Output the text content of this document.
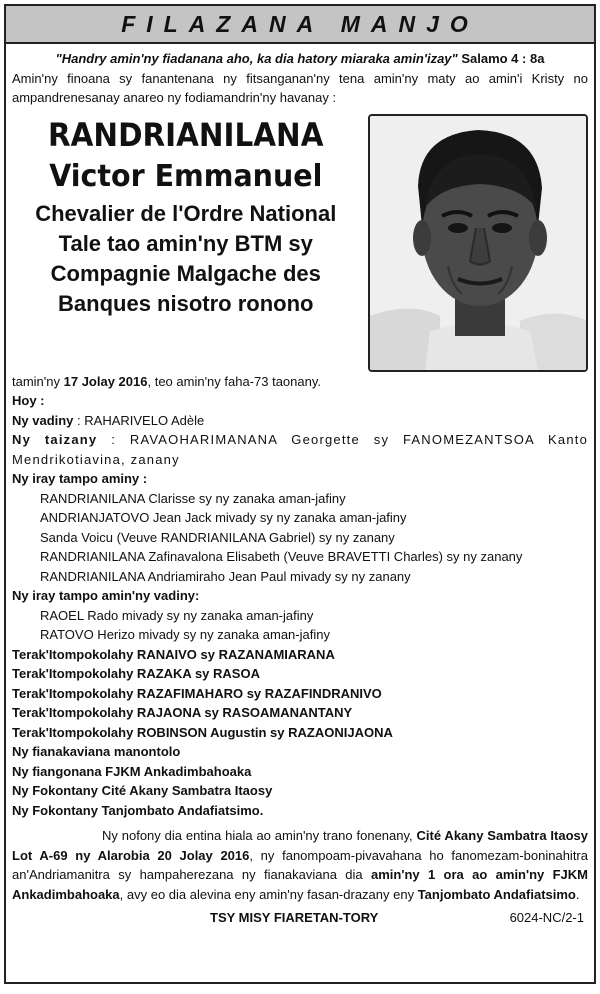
FILAZANA MANJO
"Handry amin'ny fiadanana aho, ka dia hatory miaraka amin'izay" Salamo 4 : 8a
Amin'ny finoana sy fanantenana ny fitsanganan'ny tena amin'ny maty ao amin'i Kristy no ampandrenesanay anareo ny fodiamandrin'ny havanay :
RANDRIANILANA
Victor Emmanuel
Chevalier de l'Ordre National
Tale tao amin'ny BTM sy
Compagnie Malgache des
Banques nisotro ronono
tamin'ny 17 Jolay 2016, teo amin'ny faha-73 taonany.
Hoy :
Ny vadiny : RAHARIVELO Adèle
Ny taizany : RAVAOHARIMANANA Georgette sy FANOMEZANTSOA Kanto Mendrikotiavina, zanany
Ny iray tampo aminy :
RANDRIANILANA Clarisse sy ny zanaka aman-jafiny
ANDRIANJATOVO Jean Jack mivady sy ny zanaka aman-jafiny
Sanda Voicu (Veuve RANDRIANILANA Gabriel) sy ny zanany
RANDRIANILANA Zafinavalona Elisabeth (Veuve BRAVETTI Charles) sy ny zanany
RANDRIANILANA Andriamiraho Jean Paul mivady sy ny zanany
Ny iray tampo amin'ny vadiny:
RAOEL Rado mivady sy ny zanaka aman-jafiny
RATOVO Herizo mivady sy ny zanaka aman-jafiny
Terak'Itompokolahy RANAIVO sy RAZANAMIARANA
Terak'Itompokolahy RAZAKA sy RASOA
Terak'Itompokolahy RAZAFIMAHARO sy RAZAFINDRANIVO
Terak'Itompokolahy RAJAONA sy RASOAMANANTANY
Terak'Itompokolahy ROBINSON Augustin sy RAZAONIJAONA
Ny fianakaviana manontolo
Ny fiangonana FJKM Ankadimbahoaka
Ny Fokontany Cité Akany Sambatra Itaosy
Ny Fokontany Tanjombato Andafiatsimo.
Ny nofony dia entina hiala ao amin'ny trano fonenany, Cité Akany Sambatra Itaosy Lot A-69 ny Alarobia 20 Jolay 2016, ny fanompoam-pivavahana ho fanomezam-boninahitra an'Andriamanitra sy hampaherezana ny fianakaviana dia amin'ny 1 ora ao amin'ny FJKM Ankadimbahoaka, avy eo dia alevina eny amin'ny fasan-drazany eny Tanjombato Andafiatsimo.
TSY MISY FIARETAN-TORY	6024-NC/2-1
